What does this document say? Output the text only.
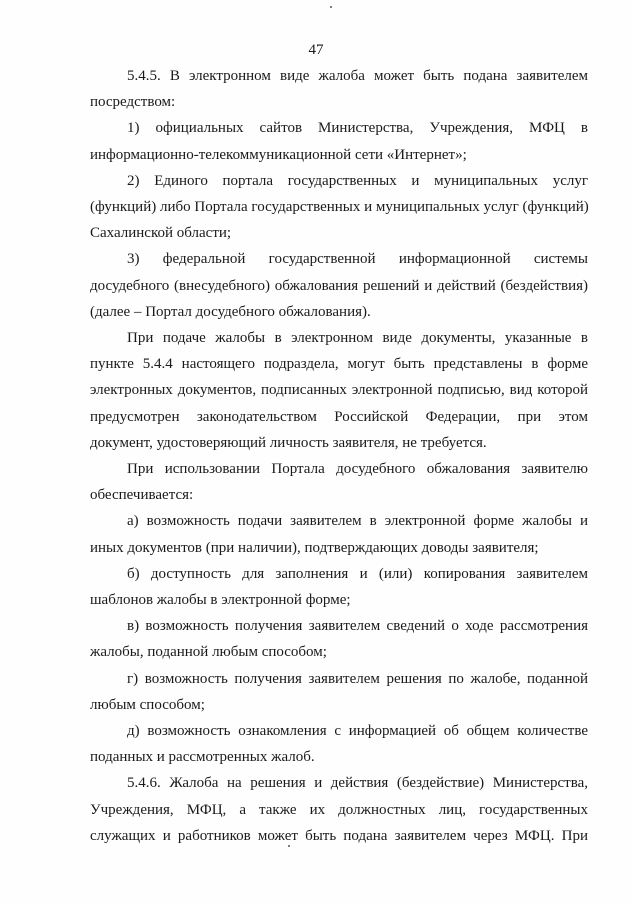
47
5.4.5. В электронном виде жалоба может быть подана заявителем
посредством:
1) официальных сайтов Министерства, Учреждения, МФЦ в
информационно-телекоммуникационной сети «Интернет»;
2) Единого портала государственных и муниципальных услуг
(функций) либо Портала государственных и муниципальных услуг (функций)
Сахалинской области;
3) федеральной государственной информационной системы
досудебного (внесудебного) обжалования решений и действий (бездействия)
(далее – Портал досудебного обжалования).
При подаче жалобы в электронном виде документы, указанные в
пункте 5.4.4 настоящего подраздела, могут быть представлены в форме
электронных документов, подписанных электронной подписью, вид которой
предусмотрен законодательством Российской Федерации, при этом
документ, удостоверяющий личность заявителя, не требуется.
При использовании Портала досудебного обжалования заявителю
обеспечивается:
а) возможность подачи заявителем в электронной форме жалобы и
иных документов (при наличии), подтверждающих доводы заявителя;
б) доступность для заполнения и (или) копирования заявителем
шаблонов жалобы в электронной форме;
в) возможность получения заявителем сведений о ходе рассмотрения
жалобы, поданной любым способом;
г) возможность получения заявителем решения по жалобе, поданной
любым способом;
д) возможность ознакомления с информацией об общем количестве
поданных и рассмотренных жалоб.
5.4.6. Жалоба на решения и действия (бездействие) Министерства,
Учреждения, МФЦ, а также их должностных лиц, государственных
служащих и работников может быть подана заявителем через МФЦ. При
